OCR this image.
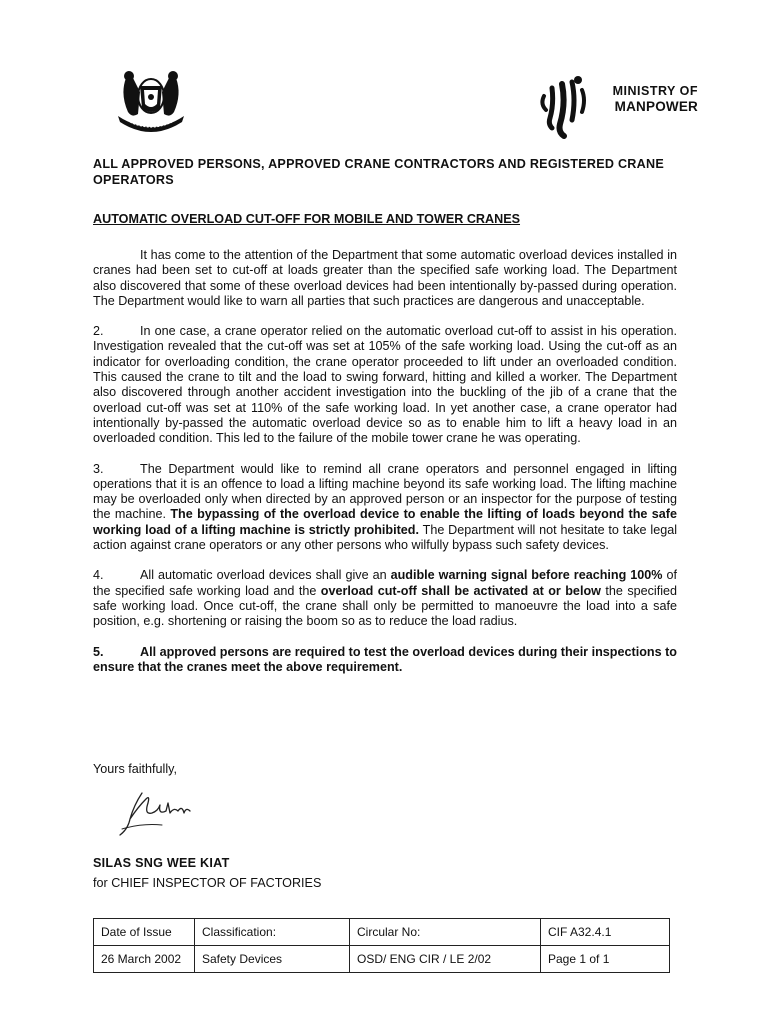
MINISTRY OF
MANPOWER
ALL APPROVED PERSONS, APPROVED CRANE CONTRACTORS AND REGISTERED CRANE OPERATORS
AUTOMATIC OVERLOAD CUT-OFF FOR MOBILE AND TOWER CRANES

It has come to the attention of the Department that some automatic overload devices installed in cranes had been set to cut-off at loads greater than the specified safe working load. The Department also discovered that some of these overload devices had been intentionally by-passed during operation. The Department would like to warn all parties that such practices are dangerous and unacceptable.

2.	In one case, a crane operator relied on the automatic overload cut-off to assist in his operation. Investigation revealed that the cut-off was set at 105% of the safe working load. Using the cut-off as an indicator for overloading condition, the crane operator proceeded to lift under an overloaded condition. This caused the crane to tilt and the load to swing forward, hitting and killed a worker. The Department also discovered through another accident investigation into the buckling of the jib of a crane that the overload cut-off was set at 110% of the safe working load. In yet another case, a crane operator had intentionally by-passed the automatic overload device so as to enable him to lift a heavy load in an overloaded condition. This led to the failure of the mobile tower crane he was operating.

3.	The Department would like to remind all crane operators and personnel engaged in lifting operations that it is an offence to load a lifting machine beyond its safe working load. The lifting machine may be overloaded only when directed by an approved person or an inspector for the purpose of testing the machine. The bypassing of the overload device to enable the lifting of loads beyond the safe working load of a lifting machine is strictly prohibited. The Department will not hesitate to take legal action against crane operators or any other persons who wilfully bypass such safety devices.

4.	All automatic overload devices shall give an audible warning signal before reaching 100% of the specified safe working load and the overload cut-off shall be activated at or below the specified safe working load. Once cut-off, the crane shall only be permitted to manoeuvre the load into a safe position, e.g. shortening or raising the boom so as to reduce the load radius.

5.	All approved persons are required to test the overload devices during their inspections to ensure that the cranes meet the above requirement.

Yours faithfully,
SILAS SNG WEE KIAT
for CHIEF INSPECTOR OF FACTORIES
Date of Issue	Classification:	Circular No:	CIF A32.4.1
26 March 2002	Safety Devices	OSD/ ENG CIR / LE 2/02	Page 1 of 1
